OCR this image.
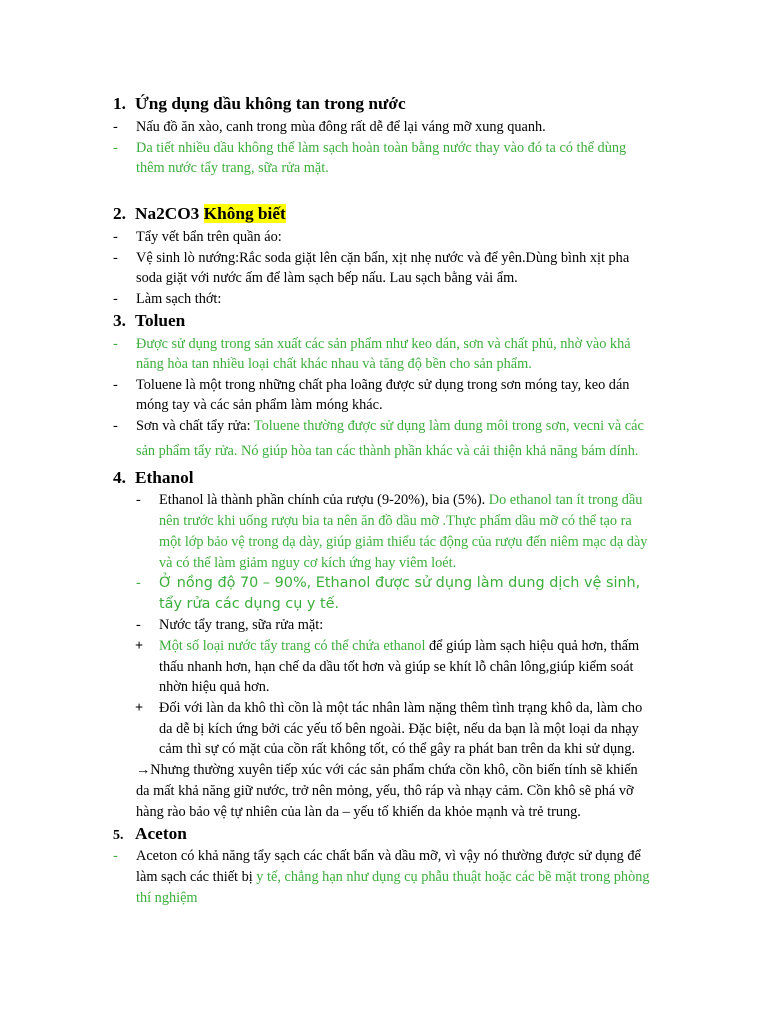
1. Ứng dụng dầu không tan trong nước
- Nấu đồ ăn xào, canh trong mùa đông rất dễ để lại váng mỡ xung quanh.
- Da tiết nhiều dầu không thể làm sạch hoàn toàn bằng nước thay vào đó ta có thể dùng
thêm nước tẩy trang, sữa rửa mặt.
2. Na2CO3 Không biết
- Tẩy vết bẩn trên quần áo:
- Vệ sinh lò nướng:Rắc soda giặt lên cặn bẩn, xịt nhẹ nước và để yên.Dùng bình xịt pha
soda giặt với nước ấm để làm sạch bếp nấu. Lau sạch bằng vải ẩm.
- Làm sạch thớt:
3. Toluen
- Được sử dụng trong sản xuất các sản phẩm như keo dán, sơn và chất phủ, nhờ vào khả
năng hòa tan nhiều loại chất khác nhau và tăng độ bền cho sản phẩm.
- Toluene là một trong những chất pha loãng được sử dụng trong sơn móng tay, keo dán
móng tay và các sản phẩm làm móng khác.
- Sơn và chất tẩy rửa: Toluene thường được sử dụng làm dung môi trong sơn, vecni và các
sản phẩm tẩy rửa. Nó giúp hòa tan các thành phần khác và cải thiện khả năng bám dính.
4. Ethanol
- Ethanol là thành phần chính của rượu (9-20%), bia (5%). Do ethanol tan ít trong dầu
nên trước khi uống rượu bia ta nên ăn đồ dầu mỡ .Thực phẩm dầu mỡ có thể tạo ra
một lớp bảo vệ trong dạ dày, giúp giảm thiểu tác động của rượu đến niêm mạc dạ dày
và có thể làm giảm nguy cơ kích ứng hay viêm loét.
- Ở nồng độ 70 – 90%, Ethanol được sử dụng làm dung dịch vệ sinh,
tẩy rửa các dụng cụ y tế.
- Nước tẩy trang, sữa rửa mặt:
+ Một số loại nước tẩy trang có thể chứa ethanol để giúp làm sạch hiệu quả hơn, thấm
thấu nhanh hơn, hạn chế da dầu tốt hơn và giúp se khít lỗ chân lông,giúp kiểm soát
nhờn hiệu quả hơn.
+ Đối với làn da khô thì cồn là một tác nhân làm nặng thêm tình trạng khô da, làm cho
da dễ bị kích ứng bởi các yếu tố bên ngoài. Đặc biệt, nếu da bạn là một loại da nhạy
cảm thì sự có mặt của cồn rất không tốt, có thể gây ra phát ban trên da khi sử dụng.
→Nhưng thường xuyên tiếp xúc với các sản phẩm chứa cồn khô, cồn biến tính sẽ khiến
da mất khả năng giữ nước, trở nên mỏng, yếu, thô ráp và nhạy cảm. Cồn khô sẽ phá vỡ
hàng rào bảo vệ tự nhiên của làn da – yếu tố khiến da khỏe mạnh và trẻ trung.
5. Aceton
- Aceton có khả năng tẩy sạch các chất bẩn và dầu mỡ, vì vậy nó thường được sử dụng để
làm sạch các thiết bị y tế, chẳng hạn như dụng cụ phẫu thuật hoặc các bề mặt trong phòng
thí nghiệm
